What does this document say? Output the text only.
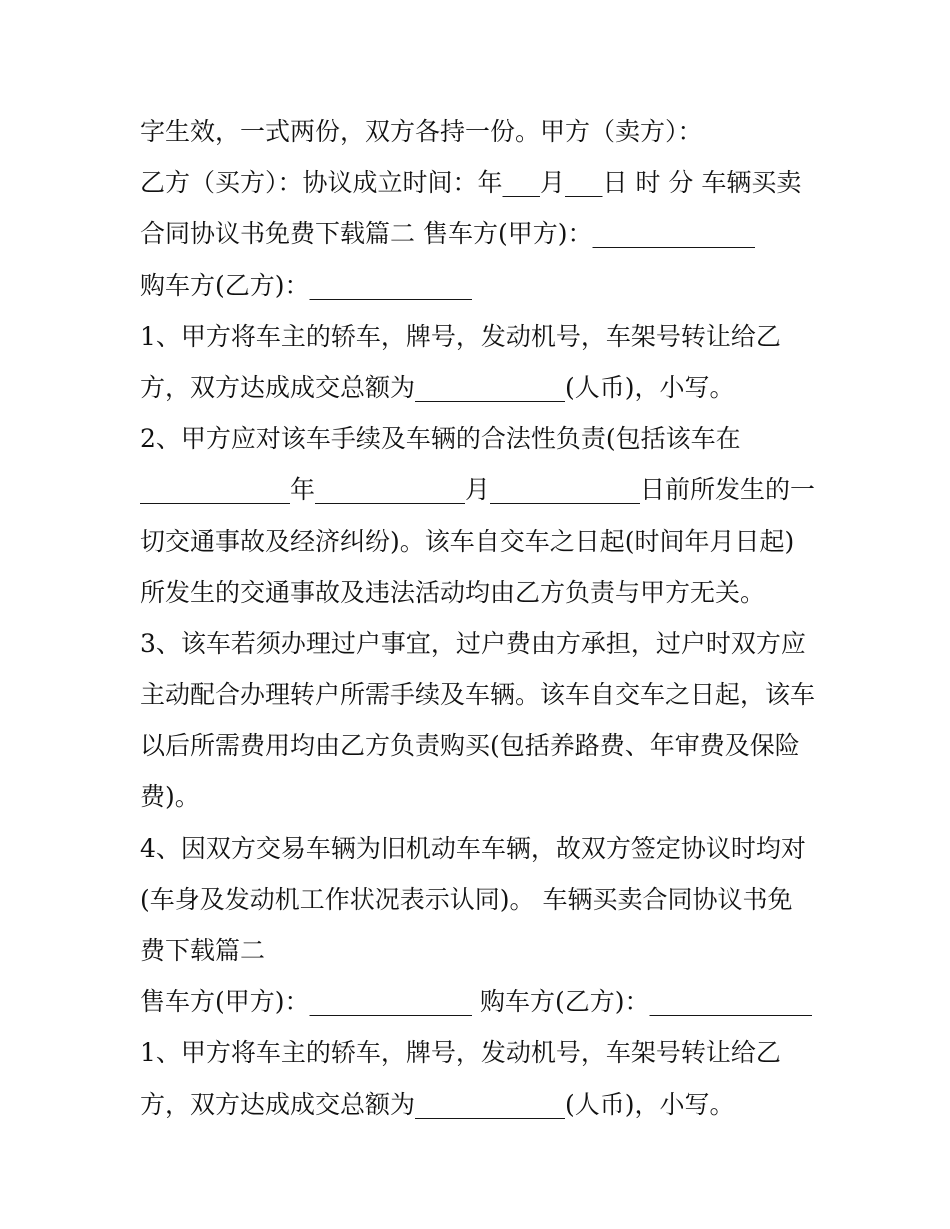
字生效，一式两份，双方各持一份。甲方（卖方）：
乙方（买方）：协议成立时间：年___月___日 时 分 车辆买卖
合同协议书免费下载篇二 售车方(甲方)：_____________
购车方(乙方)：_____________
1、甲方将车主的轿车，牌号，发动机号，车架号转让给乙
方，双方达成成交总额为____________(人币)，小写。
2、甲方应对该车手续及车辆的合法性负责(包括该车在
____________年____________月____________日前所发生的一
切交通事故及经济纠纷)。该车自交车之日起(时间年月日起)
所发生的交通事故及违法活动均由乙方负责与甲方无关。
3、该车若须办理过户事宜，过户费由方承担，过户时双方应
主动配合办理转户所需手续及车辆。该车自交车之日起，该车
以后所需费用均由乙方负责购买(包括养路费、年审费及保险
费)。
4、因双方交易车辆为旧机动车车辆，故双方签定协议时均对
(车身及发动机工作状况表示认同)。 车辆买卖合同协议书免
费下载篇二
售车方(甲方)：_____________ 购车方(乙方)：_____________
1、甲方将车主的轿车，牌号，发动机号，车架号转让给乙
方，双方达成成交总额为____________(人币)，小写。
